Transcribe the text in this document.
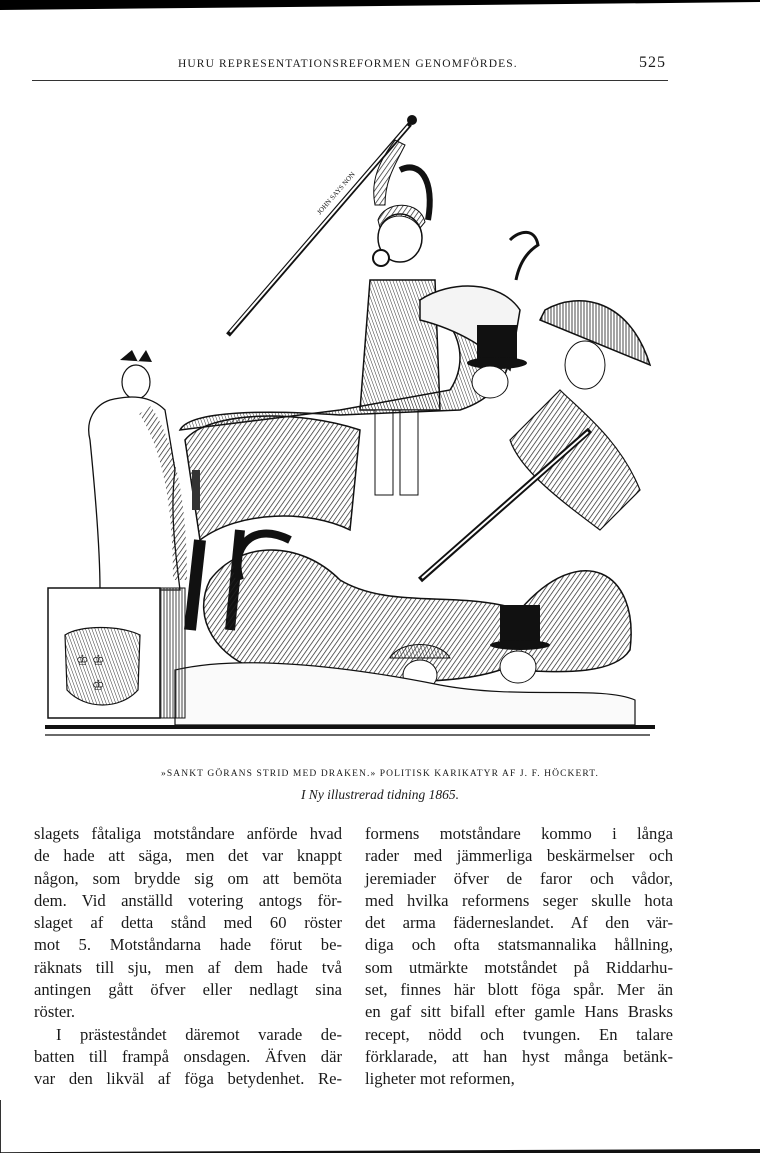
HURU REPRESENTATIONSREFORMEN GENOMFÖRDES.	525
JOHN SAYS NON
♔ ♔
♔
»SANKT GÖRANS STRID MED DRAKEN.» POLITISK KARIKATYR AF J. F. HÖCKERT.
I Ny illustrerad tidning 1865.
slagets fåtaliga motståndare anförde hvad
de hade att säga, men det var knappt
någon, som brydde sig om att bemöta
dem. Vid anställd votering antogs för-
slaget af detta stånd med 60 röster
mot 5. Motståndarna hade förut be-
räknats till sju, men af dem hade två
antingen gått öfver eller nedlagt sina
röster.
I prästeståndet däremot varade de-
batten till frampå onsdagen. Äfven där
var den likväl af föga betydenhet. Re-
formens motståndare kommo i långa
rader med jämmerliga beskärmelser och
jeremiader öfver de faror och vådor,
med hvilka reformens seger skulle hota
det arma fäderneslandet. Af den vär-
diga och ofta statsmannalika hållning,
som utmärkte motståndet på Riddarhu-
set, finnes här blott föga spår. Mer än
en gaf sitt bifall efter gamle Hans Brasks
recept, nödd och tvungen. En talare
förklarade, att han hyst många betänk-
ligheter mot reformen,
